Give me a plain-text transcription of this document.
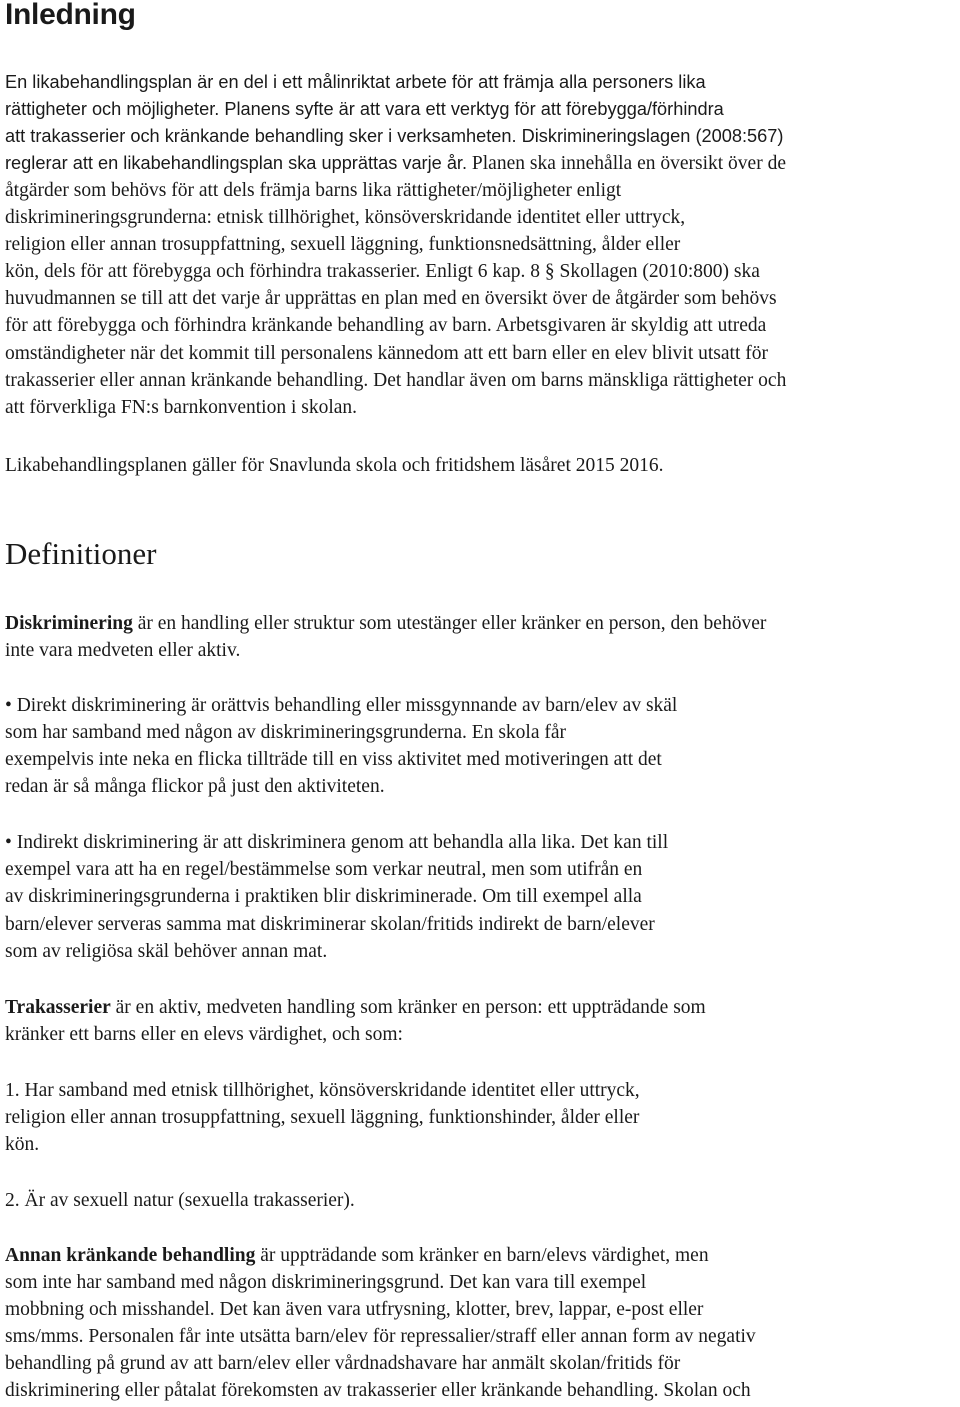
Inledning
En likabehandlingsplan är en del i ett målinriktat arbete för att främja alla personers lika
rättigheter och möjligheter. Planens syfte är att vara ett verktyg för att förebygga/förhindra
att trakasserier och kränkande behandling sker i verksamheten. Diskrimineringslagen (2008:567)
reglerar att en likabehandlingsplan ska upprättas varje år. Planen ska innehålla en översikt över de
åtgärder som behövs för att dels främja barns lika rättigheter/möjligheter enligt
diskrimineringsgrunderna: etnisk tillhörighet, könsöverskridande identitet eller uttryck,
religion eller annan trosuppfattning, sexuell läggning, funktionsnedsättning, ålder eller
kön, dels för att förebygga och förhindra trakasserier. Enligt 6 kap. 8 § Skollagen (2010:800) ska
huvudmannen se till att det varje år upprättas en plan med en översikt över de åtgärder som behövs
för att förebygga och förhindra kränkande behandling av barn. Arbetsgivaren är skyldig att utreda
omständigheter när det kommit till personalens kännedom att ett barn eller en elev blivit utsatt för
trakasserier eller annan kränkande behandling. Det handlar även om barns mänskliga rättigheter och
att förverkliga FN:s barnkonvention i skolan.
Likabehandlingsplanen gäller för Snavlunda skola och fritidshem läsåret 2015 2016.
Definitioner
Diskriminering är en handling eller struktur som utestänger eller kränker en person, den behöver
inte vara medveten eller aktiv.
• Direkt diskriminering är orättvis behandling eller missgynnande av barn/elev av skäl
som har samband med någon av diskrimineringsgrunderna. En skola får
exempelvis inte neka en flicka tillträde till en viss aktivitet med motiveringen att det
redan är så många flickor på just den aktiviteten.
• Indirekt diskriminering är att diskriminera genom att behandla alla lika. Det kan till
exempel vara att ha en regel/bestämmelse som verkar neutral, men som utifrån en
av diskrimineringsgrunderna i praktiken blir diskriminerade. Om till exempel alla
barn/elever serveras samma mat diskriminerar skolan/fritids indirekt de barn/elever
som av religiösa skäl behöver annan mat.
Trakasserier är en aktiv, medveten handling som kränker en person: ett uppträdande som
kränker ett barns eller en elevs värdighet, och som:
1. Har samband med etnisk tillhörighet, könsöverskridande identitet eller uttryck,
religion eller annan trosuppfattning, sexuell läggning, funktionshinder, ålder eller
kön.
2. Är av sexuell natur (sexuella trakasserier).
Annan kränkande behandling är uppträdande som kränker en barn/elevs värdighet, men
som inte har samband med någon diskrimineringsgrund. Det kan vara till exempel
mobbning och misshandel. Det kan även vara utfrysning, klotter, brev, lappar, e-post eller
sms/mms. Personalen får inte utsätta barn/elev för repressalier/straff eller annan form av negativ
behandling på grund av att barn/elev eller vårdnadshavare har anmält skolan/fritids för
diskriminering eller påtalat förekomsten av trakasserier eller kränkande behandling. Skolan och
